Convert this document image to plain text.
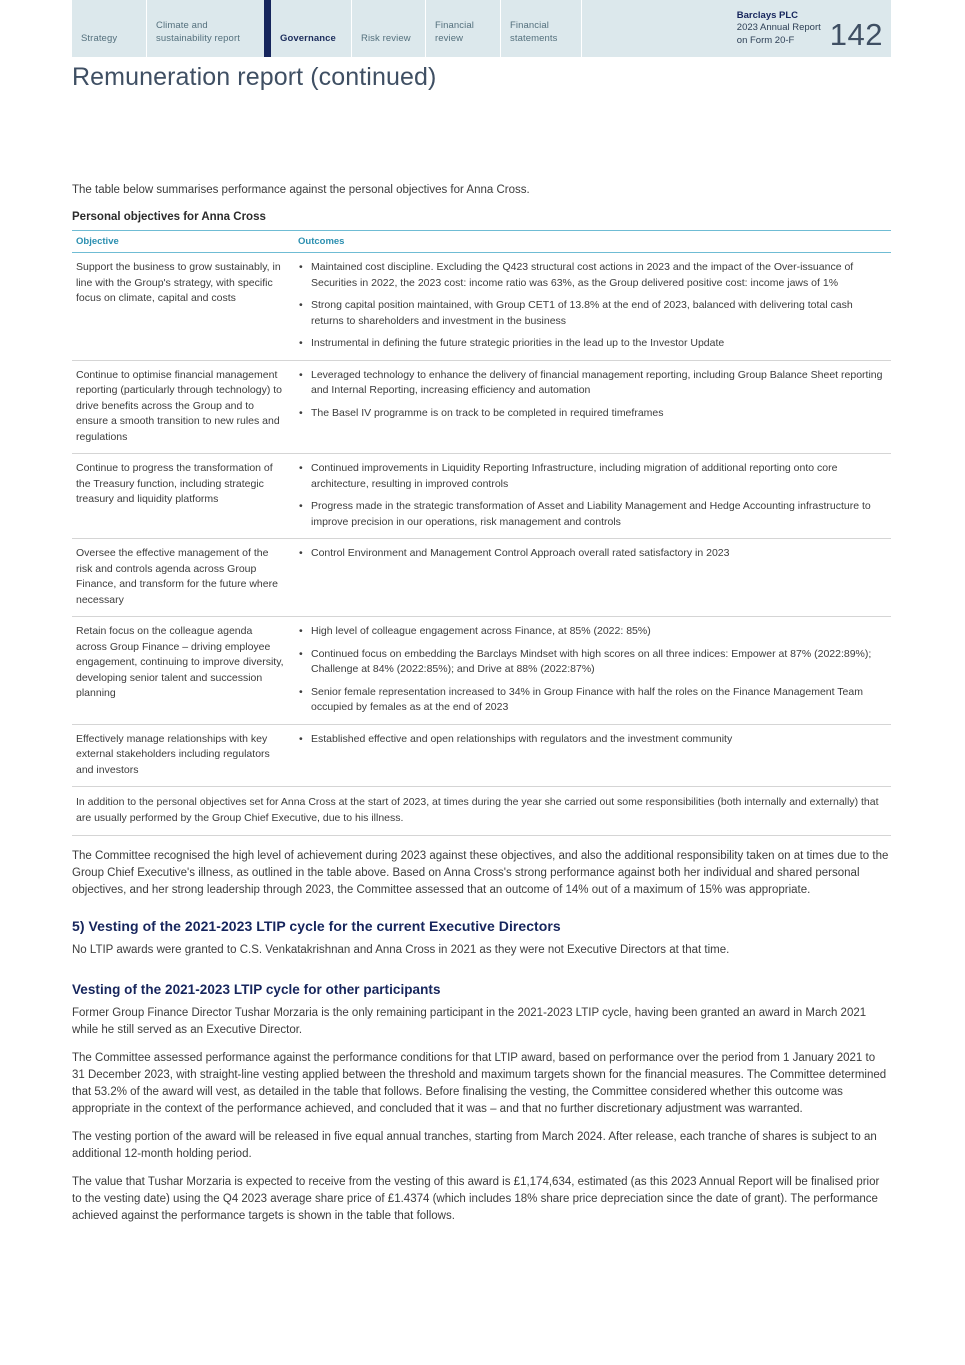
Strategy
Climate and sustainability report	Governance	Risk review
Financial review
Financial statements
Barclays PLC
2023 Annual Report
on Form 20-F	142
Remuneration report (continued)
The table below summarises performance against the personal objectives for Anna Cross.
Personal objectives for Anna Cross
Objective	Outcomes
Support the business to grow sustainably, in line with the Group's strategy, with specific focus on climate, capital and costs	
• Maintained cost discipline. Excluding the Q423 structural cost actions in 2023 and the impact of the Over-issuance of Securities in 2022, the 2023 cost: income ratio was 63%, as the Group delivered positive cost: income jaws of 1%
• Strong capital position maintained, with Group CET1 of 13.8% at the end of 2023, balanced with delivering total cash returns to shareholders and investment in the business
• Instrumental in defining the future strategic priorities in the lead up to the Investor Update

Continue to optimise financial management reporting (particularly through technology) to drive benefits across the Group and to ensure a smooth transition to new rules and regulations	
• Leveraged technology to enhance the delivery of financial management reporting, including Group Balance Sheet reporting and Internal Reporting, increasing efficiency and automation
• The Basel IV programme is on track to be completed in required timeframes

Continue to progress the transformation of the Treasury function, including strategic treasury and liquidity platforms	
• Continued improvements in Liquidity Reporting Infrastructure, including migration of additional reporting onto core architecture, resulting in improved controls
• Progress made in the strategic transformation of Asset and Liability Management and Hedge Accounting infrastructure to improve precision in our operations, risk management and controls

Oversee the effective management of the risk and controls agenda across Group Finance, and transform for the future where necessary	
• Control Environment and Management Control Approach overall rated satisfactory in 2023

Retain focus on the colleague agenda across Group Finance – driving employee engagement, continuing to improve diversity, developing senior talent and succession planning	
• High level of colleague engagement across Finance, at 85% (2022: 85%)
• Continued focus on embedding the Barclays Mindset with high scores on all three indices: Empower at 87% (2022:89%); Challenge at 84% (2022:85%); and Drive at 88% (2022:87%)
• Senior female representation increased to 34% in Group Finance with half the roles on the Finance Management Team occupied by females as at the end of 2023

Effectively manage relationships with key external stakeholders including regulators and investors	
• Established effective and open relationships with regulators and the investment community

In addition to the personal objectives set for Anna Cross at the start of 2023, at times during the year she carried out some responsibilities (both internally and externally) that are usually performed by the Group Chief Executive, due to his illness.	

The Committee recognised the high level of achievement during 2023 against these objectives, and also the additional responsibility taken on at times due to the Group Chief Executive's illness, as outlined in the table above. Based on Anna Cross's strong performance against both her individual and shared personal objectives, and her strong leadership through 2023, the Committee assessed that an outcome of 14% out of a maximum of 15% was appropriate.

5) Vesting of the 2021-2023 LTIP cycle for the current Executive Directors

No LTIP awards were granted to C.S. Venkatakrishnan and Anna Cross in 2021 as they were not Executive Directors at that time.

Vesting of the 2021-2023 LTIP cycle for other participants

Former Group Finance Director Tushar Morzaria is the only remaining participant in the 2021-2023 LTIP cycle, having been granted an award in March 2021 while he still served as an Executive Director.

The Committee assessed performance against the performance conditions for that LTIP award, based on performance over the period from 1 January 2021 to 31 December 2023, with straight-line vesting applied between the threshold and maximum targets shown for the financial measures. The Committee determined that 53.2% of the award will vest, as detailed in the table that follows. Before finalising the vesting, the Committee considered whether this outcome was appropriate in the context of the performance achieved, and concluded that it was – and that no further discretionary adjustment was warranted.

The vesting portion of the award will be released in five equal annual tranches, starting from March 2024. After release, each tranche of shares is subject to an additional 12-month holding period.

The value that Tushar Morzaria is expected to receive from the vesting of this award is £1,174,634, estimated (as this 2023 Annual Report will be finalised prior to the vesting date) using the Q4 2023 average share price of £1.4374 (which includes 18% share price depreciation since the date of grant). The performance achieved against the performance targets is shown in the table that follows.
